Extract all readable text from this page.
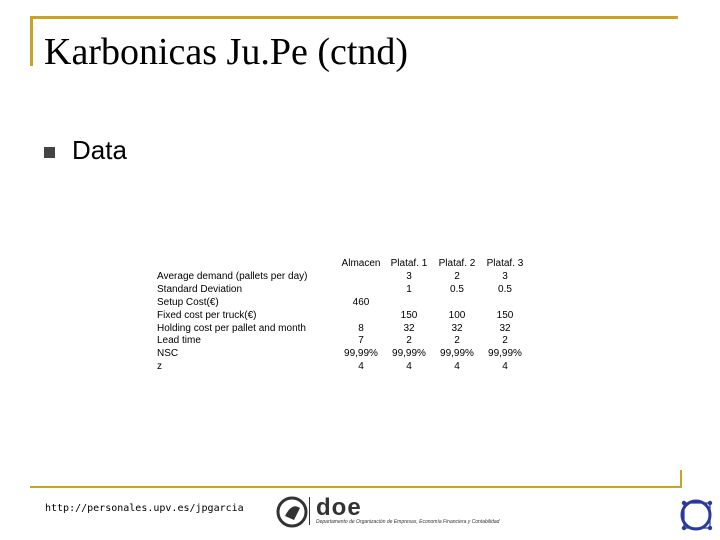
Karbonicas Ju.Pe (ctnd)
Data
	Almacen	Plataf. 1	Plataf. 2	Plataf. 3
Average demand (pallets per day)		3	2	3
Standard Deviation		1	0.5	0.5
Setup Cost(€)	460			
Fixed cost per truck(€)		150	100	150
Holding cost per pallet and month	8	32	32	32
Lead time	7	2	2	2
NSC	99,99%	99,99%	99,99%	99,99%
z	4	4	4	4
http://personales.upv.es/jpgarcia	doe
Departamento de Organización de Empresas, Economía Financiera y Contabilidad
